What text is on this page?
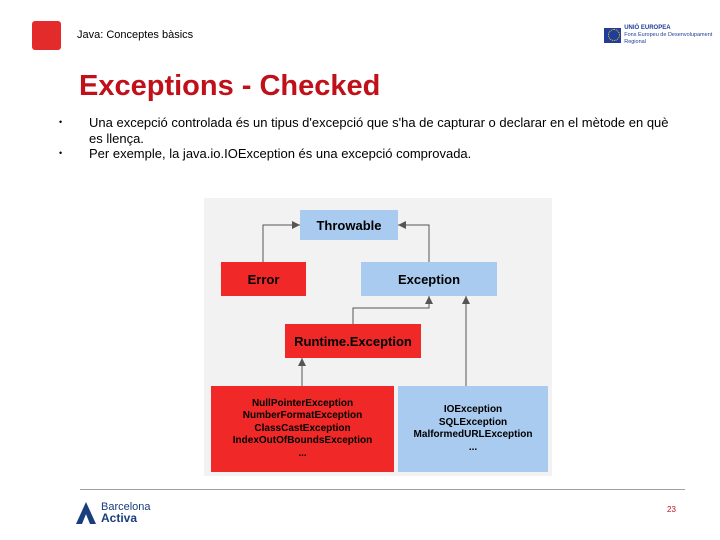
Java: Conceptes bàsics
UNIÓ EUROPEA
Fons Europeu de Desenvolupament Regional
Exceptions - Checked
• Una excepció controlada és un tipus d'excepció que s'ha de capturar o declarar en el mètode en què es llença.
• Per exemple, la java.io.IOException és una excepció comprovada.
Throwable
Error	Exception
Runtime.Exception
NullPointerException
NumberFormatException
ClassCastException
IndexOutOfBoundsException
...
IOException
SQLException
MalformedURLException
...
Barcelona
Activa
23
